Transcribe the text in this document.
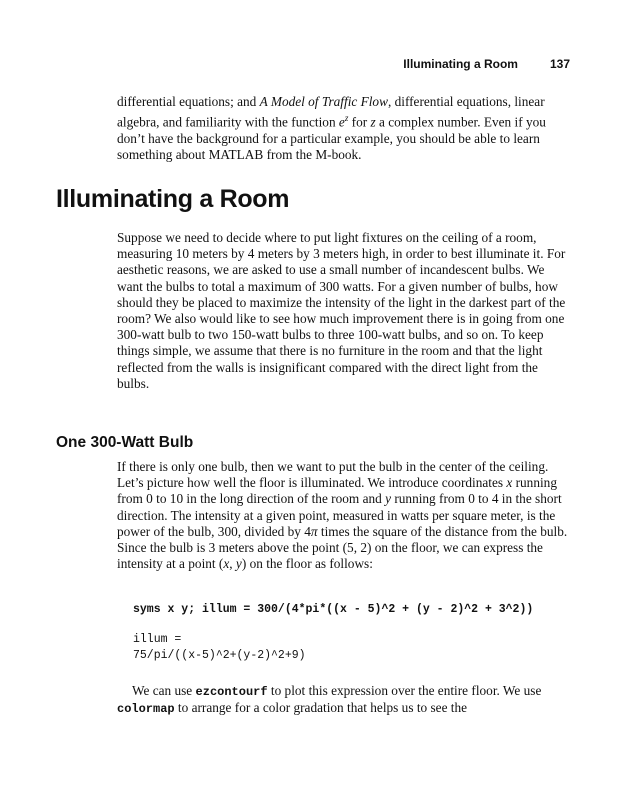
Illuminating a Room	137

differential equations; and A Model of Traffic Flow, differential equations, linear algebra, and familiarity with the function $e^z$ for z a complex number. Even if you don’t have the background for a particular example, you should be able to learn something about MATLAB from the M-book.

Illuminating a Room

Suppose we need to decide where to put light fixtures on the ceiling of a room, measuring 10 meters by 4 meters by 3 meters high, in order to best illuminate it. For aesthetic reasons, we are asked to use a small number of incandescent bulbs. We want the bulbs to total a maximum of 300 watts. For a given number of bulbs, how should they be placed to maximize the intensity of the light in the darkest part of the room? We also would like to see how much improvement there is in going from one 300-watt bulb to two 150-watt bulbs to three 100-watt bulbs, and so on. To keep things simple, we assume that there is no furniture in the room and that the light reflected from the walls is insignificant compared with the direct light from the bulbs.

One 300-Watt Bulb

If there is only one bulb, then we want to put the bulb in the center of the ceiling. Let’s picture how well the floor is illuminated. We introduce coordinates x running from 0 to 10 in the long direction of the room and y running from 0 to 4 in the short direction. The intensity at a given point, measured in watts per square meter, is the power of the bulb, 300, divided by 4π times the square of the distance from the bulb. Since the bulb is 3 meters above the point (5, 2) on the floor, we can express the intensity at a point (x, y) on the floor as follows:

syms x y; illum = 300/(4*pi*((x - 5)^2 + (y - 2)^2 + 3^2))
illum =
75/pi/((x-5)^2+(y-2)^2+9)

We can use ezcontourf to plot this expression over the entire floor. We use colormap to arrange for a color gradation that helps us to see the
